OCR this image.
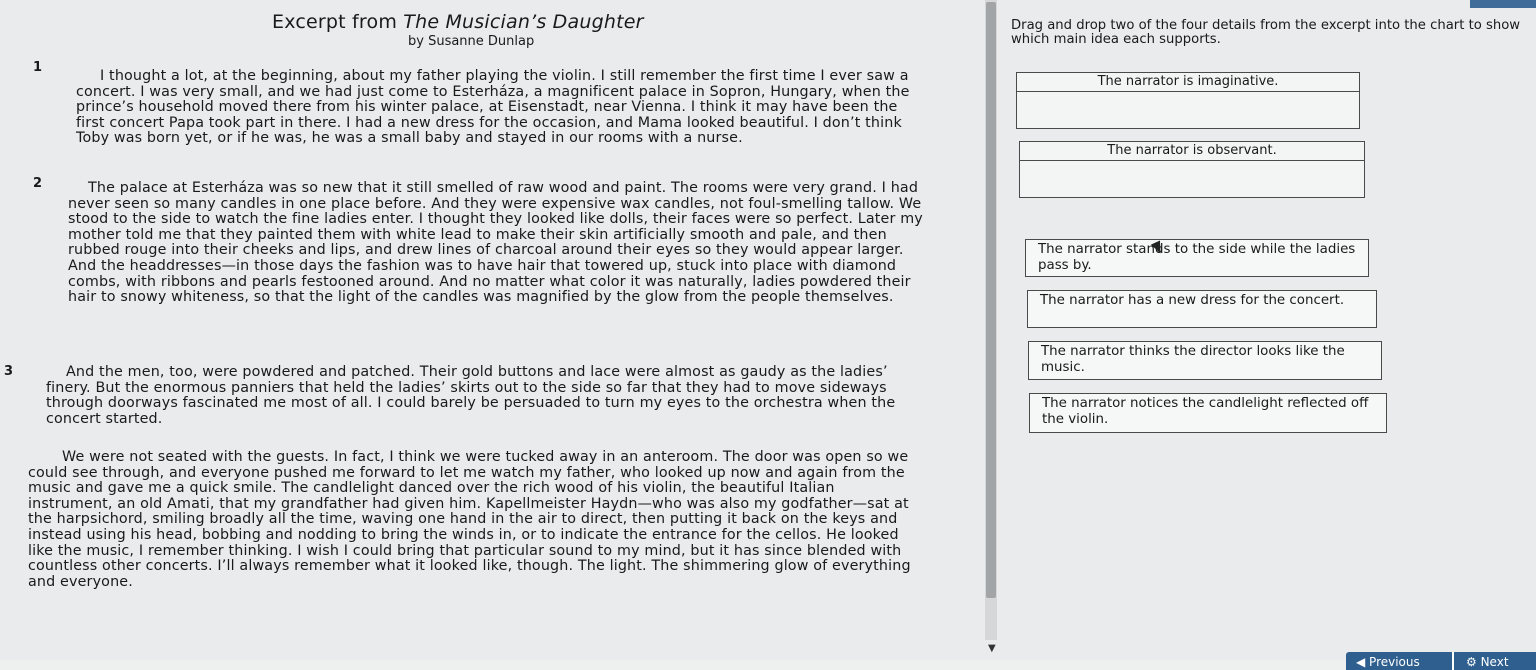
Excerpt from The Musician’s Daughter
by Susanne Dunlap
1
I thought a lot, at the beginning, about my father playing the violin. I still remember the first time I ever saw a concert. I was very small, and we had just come to Esterháza, a magnificent palace in Sopron, Hungary, when the prince’s household moved there from his winter palace, at Eisenstadt, near Vienna. I think it may have been the first concert Papa took part in there. I had a new dress for the occasion, and Mama looked beautiful. I don’t think Toby was born yet, or if he was, he was a small baby and stayed in our rooms with a nurse.
2	The palace at Esterháza was so new that it still smelled of raw wood and paint. The rooms were very grand. I had never seen so many candles in one place before. And they were expensive wax candles, not foul-smelling tallow. We stood to the side to watch the fine ladies enter. I thought they looked like dolls, their faces were so perfect. Later my mother told me that they painted them with white lead to make their skin artificially smooth and pale, and then rubbed rouge into their cheeks and lips, and drew lines of charcoal around their eyes so they would appear larger. And the headdresses—in those days the fashion was to have hair that towered up, stuck into place with diamond combs, with ribbons and pearls festooned around. And no matter what color it was naturally, ladies powdered their hair to snowy whiteness, so that the light of the candles was magnified by the glow from the people themselves.
3	And the men, too, were powdered and patched. Their gold buttons and lace were almost as gaudy as the ladies’ finery. But the enormous panniers that held the ladies’ skirts out to the side so far that they had to move sideways through doorways fascinated me most of all. I could barely be persuaded to turn my eyes to the orchestra when the concert started.
We were not seated with the guests. In fact, I think we were tucked away in an anteroom. The door was open so we could see through, and everyone pushed me forward to let me watch my father, who looked up now and again from the music and gave me a quick smile. The candlelight danced over the rich wood of his violin, the beautiful Italian instrument, an old Amati, that my grandfather had given him. Kapellmeister Haydn—who was also my godfather—sat at the harpsichord, smiling broadly all the time, waving one hand in the air to direct, then putting it back on the keys and instead using his head, bobbing and nodding to bring the winds in, or to indicate the entrance for the cellos. He looked like the music, I remember thinking. I wish I could bring that particular sound to my mind, but it has since blended with countless other concerts. I’ll always remember what it looked like, though. The light. The shimmering glow of everything and everyone.
▼
Drag and drop two of the four details from the excerpt into the chart to show which main idea each supports.
The narrator is imaginative.
The narrator is observant.
The narrator stands to the side while the ladies pass by.
The narrator has a new dress for the concert.
The narrator thinks the director looks like the music.
The narrator notices the candlelight reflected off the violin.
◀ Previous	⚙ Next
